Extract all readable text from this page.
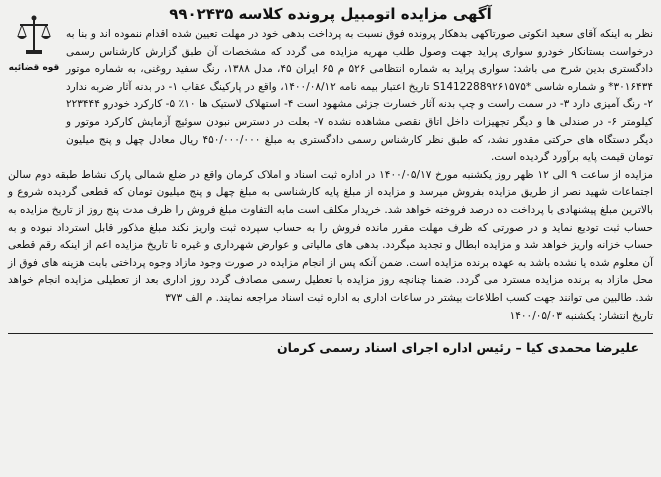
قوه قضائیه
آگهی مزایده اتومبیل پرونده کلاسه ۹۹۰۲۴۳۵

نظر به اینکه آقای سعید انکوتی صورتاکهی بدهکار پرونده فوق نسبت به پرداخت بدهی خود در مهلت تعیین شده اقدام ننموده اند و بنا به درخواست بستانکار خودرو سواری پراید جهت وصول طلب مهریه مزایده می گردد که مشخصات آن طبق گزارش کارشناس رسمی دادگستری بدین شرح می باشد: سواری پراید به شماره انتظامی ۵۲۶ م ۶۵ ایران ۴۵، مدل ۱۳۸۸، رنگ سفید روغنی، به شماره موتور ۳۰۱۶۴۳۴* و شماره شاسی *S1412288۹۲۶۱۵۷۵ تاریخ اعتبار بیمه نامه ۱۴۰۰/۰۸/۱۲، واقع در پارکینگ عقاب ۱- در بدنه آثار ضربه ندارد ۲- رنگ آمیزی دارد ۳- در سمت راست و چپ بدنه آثار خسارت جزئی مشهود است ۴- استهلاک لاستیک ها ۱۰٪ ۵- کارکرد خودرو ۲۲۳۴۴۴ کیلومتر ۶- در صندلی ها و دیگر تجهیزات داخل اتاق نقصی مشاهده نشده ۷- بعلت در دسترس نبودن سوئیچ آزمایش کارکرد موتور و دیگر دستگاه های حرکتی مقدور نشد، که طبق نظر کارشناس رسمی دادگستری به مبلغ ۴۵۰/۰۰۰/۰۰۰ ریال معادل چهل و پنج میلیون تومان قیمت پایه برآورد گردیده است.

مزایده از ساعت ۹ الی ۱۲ ظهر روز یکشنبه مورخ ۱۴۰۰/۰۵/۱۷ در اداره ثبت اسناد و املاک کرمان واقع در ضلع شمالی پارک نشاط طبقه دوم سالن اجتماعات شهید نصر از طریق مزایده بفروش میرسد و مزایده از مبلغ پایه کارشناسی به مبلغ چهل و پنج میلیون تومان که قطعی گردیده شروع و بالاترین مبلغ پیشنهادی با پرداخت ده درصد فروخته خواهد شد. خریدار مکلف است مابه التفاوت مبلغ فروش را ظرف مدت پنج روز از تاریخ مزایده به حساب ثبت تودیع نماید و در صورتی که ظرف مهلت مقرر مانده فروش را به حساب سپرده ثبت واریز نکند مبلغ مذکور قابل استرداد نبوده و به حساب خزانه واریز خواهد شد و مزایده ابطال و تجدید میگردد. بدهی های مالیاتی و عوارض شهرداری و غیره تا تاریخ مزایده اعم از اینکه رقم قطعی آن معلوم شده یا نشده باشد به عهده برنده مزایده است. ضمن آنکه پس از انجام مزایده در صورت وجود مازاد وجوه پرداختی بابت هزینه های فوق از محل مازاد به برنده مزایده مسترد می گردد. ضمنا چنانچه روز مزایده با تعطیل رسمی مصادف گردد روز اداری بعد از تعطیلی مزایده انجام خواهد شد. طالبین می توانند جهت کسب اطلاعات بیشتر در ساعات اداری به اداره ثبت اسناد مراجعه نمایند. م الف ۳۷۳

تاریخ انتشار: یکشنبه ۱۴۰۰/۰۵/۰۳
علیرضا محمدی کیا – رئیس اداره اجرای اسناد رسمی کرمان
